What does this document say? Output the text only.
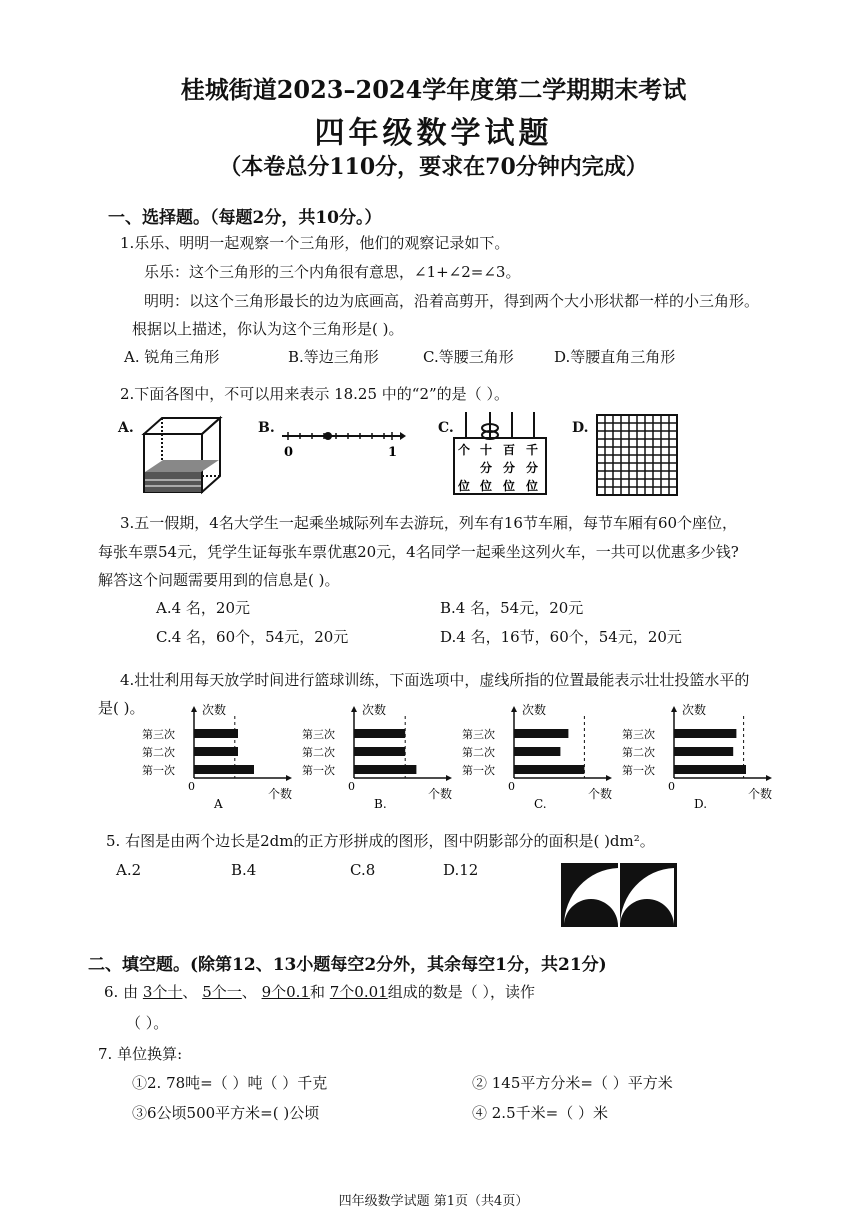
桂城街道2023–2024学年度第二学期期末考试
四年级数学试题
（本卷总分110分，要求在70分钟内完成）
一、选择题。（每题2分，共10分。）
1.乐乐、明明一起观察一个三角形，他们的观察记录如下。
乐乐：这个三角形的三个内角很有意思，∠1+∠2=∠3。
明明：以这个三角形最长的边为底画高，沿着高剪开，得到两个大小形状都一样的小三角形。
根据以上描述，你认为这个三角形是( )。
A. 锐角三角形	B.等边三角形	C.等腰三角形	D.等腰直角三角形
2.下面各图中，不可以用来表示 18.25 中的“2”的是（ ）。
A.	B.	C.	D.
0	1	个 十 百 千
分 分 分
位 位 位 位
3.五一假期，4名大学生一起乘坐城际列车去游玩，列车有16节车厢，每节车厢有60个座位，
每张车票54元，凭学生证每张车票优惠20元，4名同学一起乘坐这列火车，一共可以优惠多少钱?
解答这个问题需要用到的信息是( )。
A.4 名，20元	B.4 名，54元，20元
C.4 名，60个，54元，20元	D.4 名，16节，60个，54元，20元
4.壮壮利用每天放学时间进行篮球训练，下面选项中，虚线所指的位置最能表示壮壮投篮水平的
是( )。	次数
个数
0
第三次
第二次
第一次
A
次数
个数
0
第三次
第二次
第一次
B.
次数
个数
0
第三次
第二次
第一次
C.
次数
个数
0
第三次
第二次
第一次
D.
5. 右图是由两个边长是2dm的正方形拼成的图形，图中阴影部分的面积是( )dm²。
A.2	B.4	C.8	D.12
二、填空题。(除第12、13小题每空2分外，其余每空1分，共21分)
6. 由 3个十、 5个一、 9个0.1和 7个0.01组成的数是（ ），读作
（ ）。
7. 单位换算:
①2. 78吨=（ ）吨（ ）千克	② 145平方分米=（ ）平方米
③6公顷500平方米=( )公顷	④ 2.5千米=（ ）米
四年级数学试题 第1页（共4页）
